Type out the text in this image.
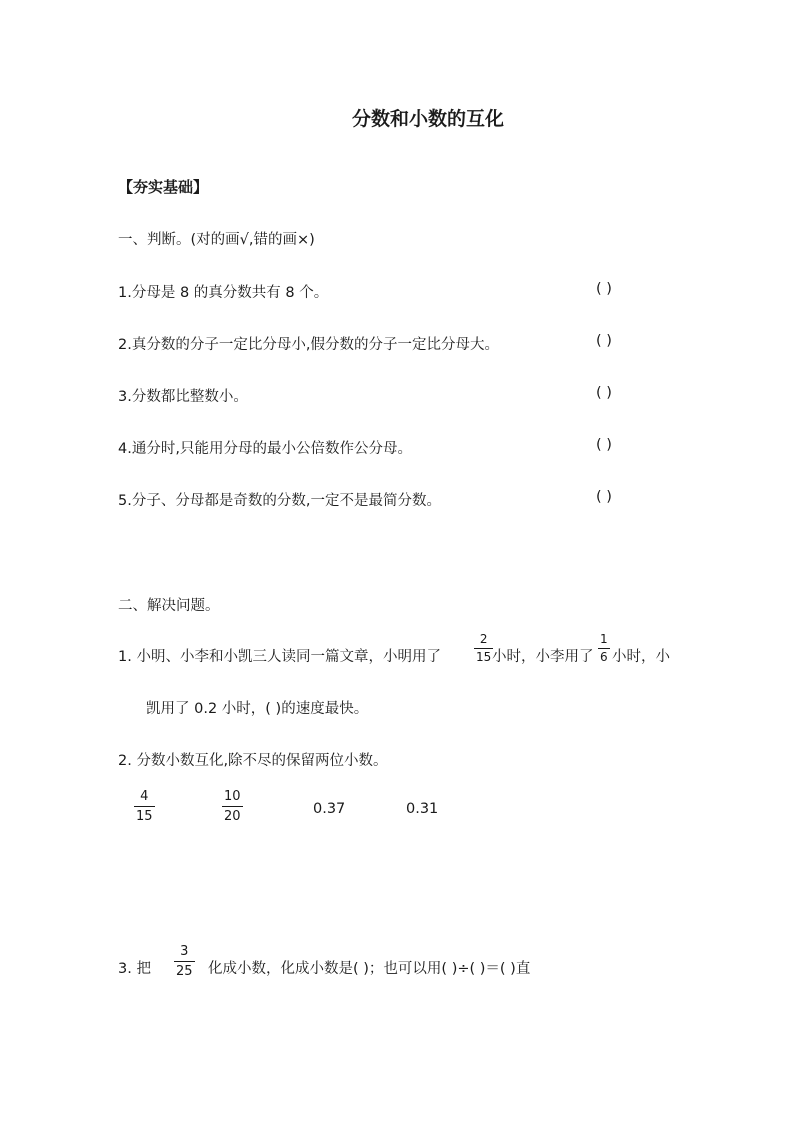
分数和小数的互化
【夯实基础】
一、判断。(对的画√,错的画×)
1.分母是 8 的真分数共有 8 个。	( )
2.真分数的分子一定比分母小,假分数的分子一定比分母大。	( )
3.分数都比整数小。	( )
4.通分时,只能用分母的最小公倍数作公分母。	( )
5.分子、分母都是奇数的分数,一定不是最简分数。	( )
二、解决问题。
1. 小明、小李和小凯三人读同一篇文章，小明用了
2
15 小时，小李用了
1
6 小时，小
凯用了 0.2 小时，( )的速度最快。
2. 分数小数互化,除不尽的保留两位小数。
4
15
10
20	0.37	0.31
3. 把
3
25 化成小数，化成小数是( )；也可以用( )÷( )＝( )直
